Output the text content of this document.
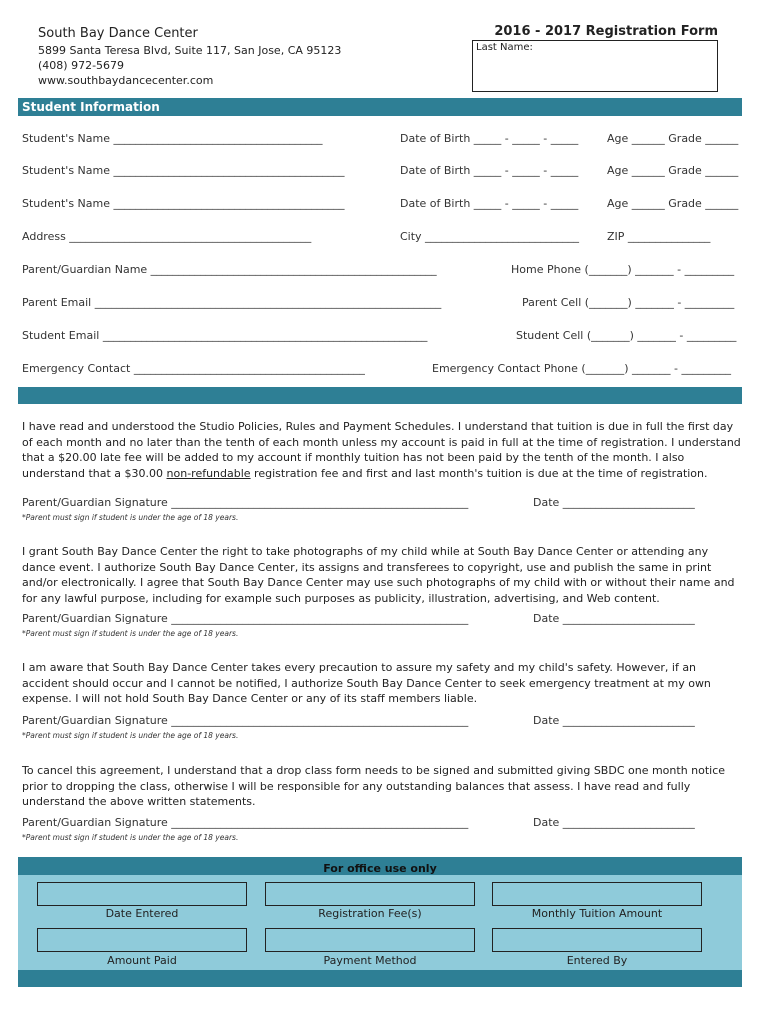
South Bay Dance Center
5899 Santa Teresa Blvd, Suite 117, San Jose, CA 95123
(408) 972-5679
www.southbaydancecenter.com
2016 - 2017 Registration Form
Last Name:
Student Information
Student's Name ______________________________________	Date of Birth _____ - _____ - _____	Age ______ Grade ______
Student's Name __________________________________________	Date of Birth _____ - _____ - _____	Age ______ Grade ______
Student's Name __________________________________________	Date of Birth _____ - _____ - _____	Age ______ Grade ______
Address ____________________________________________	City ____________________________	ZIP _______________
Parent/Guardian Name ____________________________________________________	Home Phone (_______) _______ - _________
Parent Email _______________________________________________________________	Parent Cell (_______) _______ - _________
Student Email ___________________________________________________________	Student Cell (_______) _______ - _________
Emergency Contact __________________________________________	Emergency Contact Phone (_______) _______ - _________
I have read and understood the Studio Policies, Rules and Payment Schedules. I understand that tuition is due in full the first day of each month and no later than the tenth of each month unless my account is paid in full at the time of registration. I understand that a $20.00 late fee will be added to my account if monthly tuition has not been paid by the tenth of the month. I also understand that a $30.00 non-refundable registration fee and first and last month's tuition is due at the time of registration.
Parent/Guardian Signature ______________________________________________________	Date ________________________
*Parent must sign if student is under the age of 18 years.
I grant South Bay Dance Center the right to take photographs of my child while at South Bay Dance Center or attending any dance event. I authorize South Bay Dance Center, its assigns and transferees to copyright, use and publish the same in print and/or electronically. I agree that South Bay Dance Center may use such photographs of my child with or without their name and for any lawful purpose, including for example such purposes as publicity, illustration, advertising, and Web content.
Parent/Guardian Signature ______________________________________________________	Date ________________________
*Parent must sign if student is under the age of 18 years.
I am aware that South Bay Dance Center takes every precaution to assure my safety and my child's safety. However, if an accident should occur and I cannot be notified, I authorize South Bay Dance Center to seek emergency treatment at my own expense. I will not hold South Bay Dance Center or any of its staff members liable.
Parent/Guardian Signature ______________________________________________________	Date ________________________
*Parent must sign if student is under the age of 18 years.
To cancel this agreement, I understand that a drop class form needs to be signed and submitted giving SBDC one month notice prior to dropping the class, otherwise I will be responsible for any outstanding balances that assess. I have read and fully understand the above written statements.
Parent/Guardian Signature ______________________________________________________	Date ________________________
*Parent must sign if student is under the age of 18 years.
For office use only
Date Entered	Registration Fee(s)	Monthly Tuition Amount
Amount Paid	Payment Method	Entered By
